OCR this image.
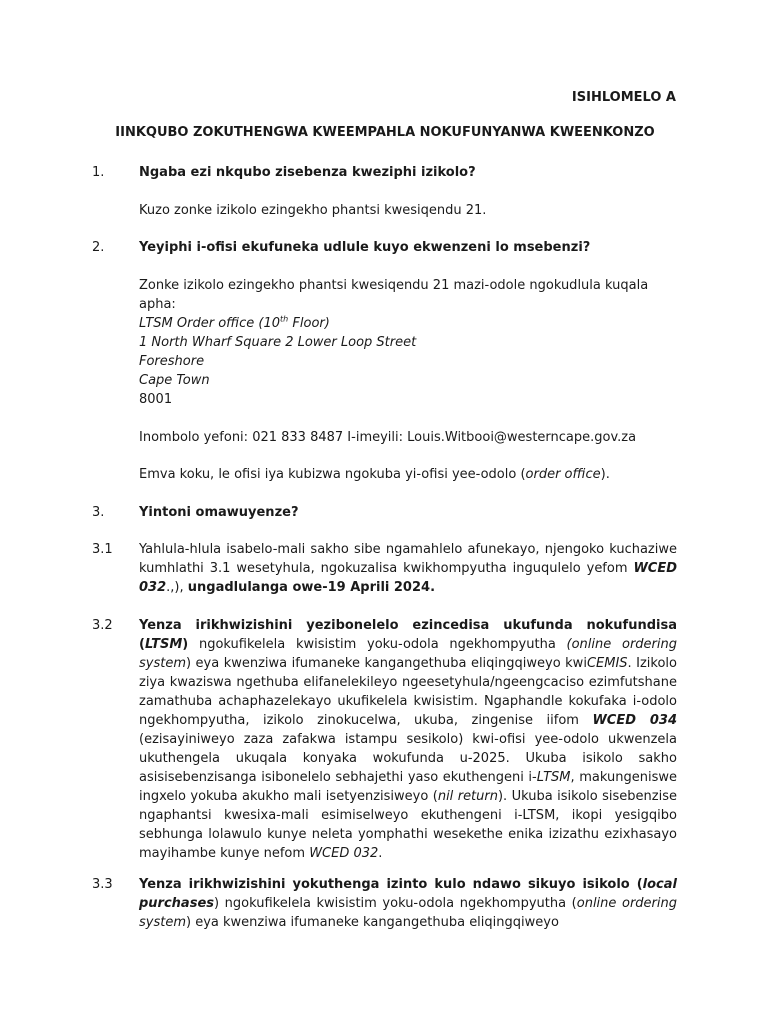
ISIHLOMELO A
IINKQUBO ZOKUTHENGWA KWEEMPAHLA NOKUFUNYANWA KWEENKONZO
1.	Ngaba ezi nkqubo zisebenza kweziphi izikolo?
Kuzo zonke izikolo ezingekho phantsi kwesiqendu 21.
2.	Yeyiphi i-ofisi ekufuneka udlule kuyo ekwenzeni lo msebenzi?
Zonke izikolo ezingekho phantsi kwesiqendu 21 mazi-odole ngokudlula kuqala apha:
LTSM Order office (10th Floor)
1 North Wharf Square 2 Lower Loop Street
Foreshore
Cape Town
8001
Inombolo yefoni: 021 833 8487 I-imeyili: Louis.Witbooi@westerncape.gov.za
Emva koku, le ofisi iya kubizwa ngokuba yi-ofisi yee-odolo (order office).
3.	Yintoni omawuyenze?
3.1 Yahlula-hlula isabelo-mali sakho sibe ngamahlelo afunekayo, njengoko kuchaziwe kumhlathi 3.1 wesetyhula, ngokuzalisa kwikhompyutha inguqulelo yefom WCED 032.,), ungadlulanga owe-19 Aprili 2024.
3.2 Yenza irikhwizishini yezibonelelo ezincedisa ukufunda nokufundisa (LTSM) ngokufikelela kwisistim yoku-odola ngekhompyutha (online ordering system) eya kwenziwa ifumaneke kangangethuba eliqingqiweyo kwiCEMIS. Izikolo ziya kwaziswa ngethuba elifanelekileyo ngeesetyhula/ngeengcaciso ezimfutshane zamathuba achaphazelekayo ukufikelela kwisistim. Ngaphandle kokufaka i-odolo ngekhompyutha, izikolo zinokucelwa, ukuba, zingenise iifom WCED 034 (ezisayiniweyo zaza zafakwa istampu sesikolo) kwi-ofisi yee-odolo ukwenzela ukuthengela ukuqala konyaka wokufunda u-2025. Ukuba isikolo sakho asisisebenzisanga isibonelelo sebhajethi yaso ekuthengeni i-LTSM, makungeniswe ingxelo yokuba akukho mali isetyenzisiweyo (nil return). Ukuba isikolo sisebenzise ngaphantsi kwesixa-mali esimiselweyo ekuthengeni i-LTSM, ikopi yesigqibo sebhunga lolawulo kunye neleta yomphathi wesekethe enika izizathu ezixhasayo mayihambe kunye nefom WCED 032.
3.3 Yenza irikhwizishini yokuthenga izinto kulo ndawo sikuyo isikolo (local purchases) ngokufikelela kwisistim yoku-odola ngekhompyutha (online ordering system) eya kwenziwa ifumaneke kangangethuba eliqingqiweyo
